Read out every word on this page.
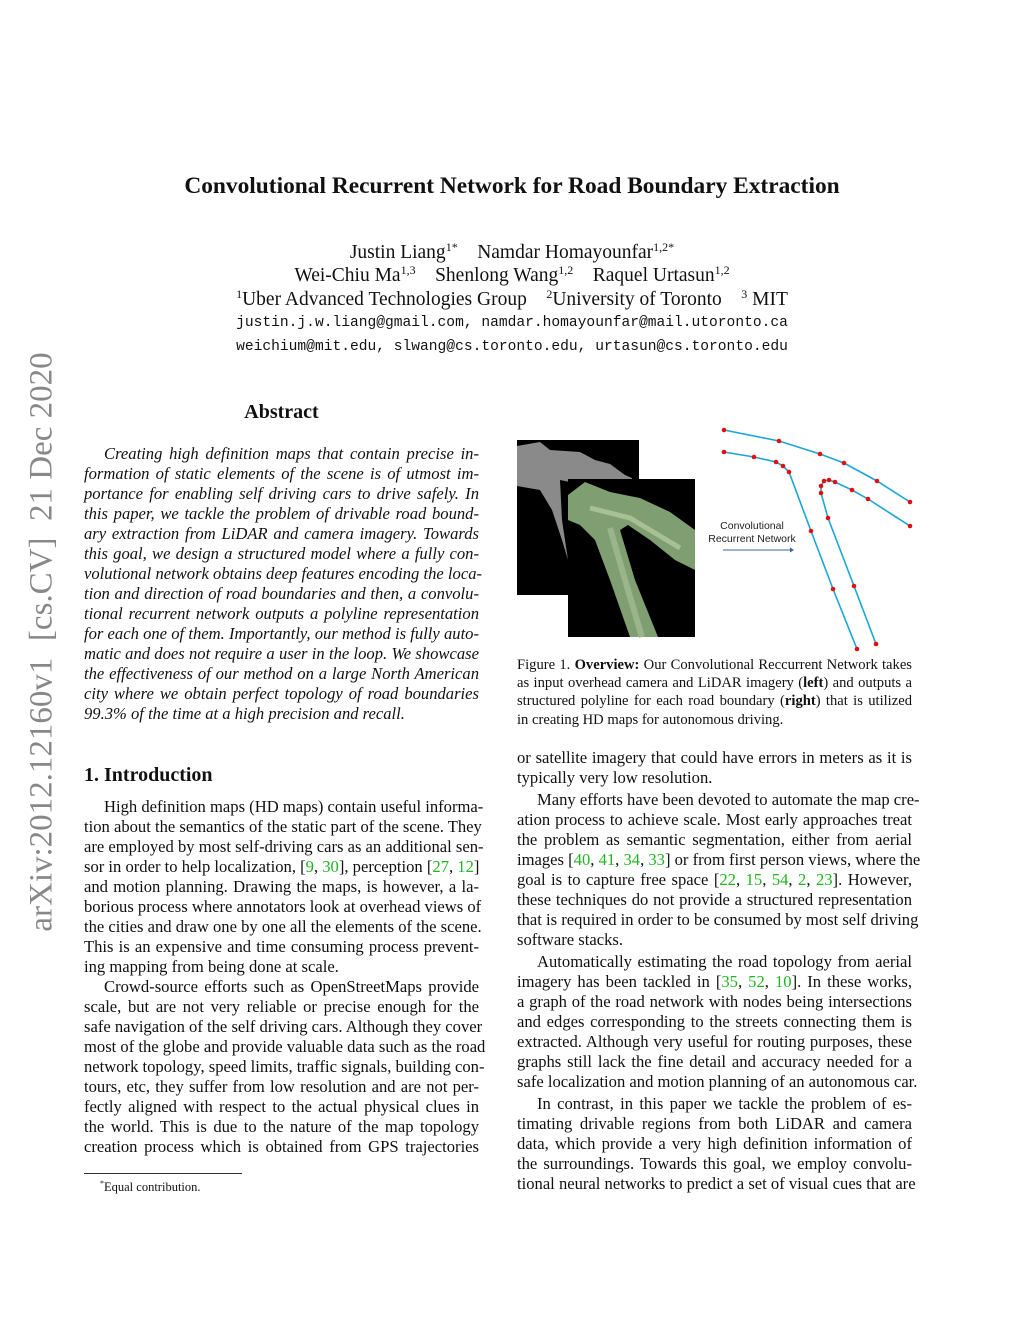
arXiv:2012.12160v1  [cs.CV]  21 Dec 2020
Convolutional Recurrent Network for Road Boundary Extraction
Justin Liang$^{1*}$ Namdar Homayounfar$^{1,2*}$
Wei-Chiu Ma$^{1,3}$ Shenlong Wang$^{1,2}$ Raquel Urtasun$^{1,2}$
$^1$Uber Advanced Technologies Group $^2$University of Toronto $^3$ MIT
justin.j.w.liang@gmail.com, namdar.homayounfar@mail.utoronto.ca
weichium@mit.edu, slwang@cs.toronto.edu, urtasun@cs.toronto.edu
Abstract
Creating high definition maps that contain precise in-
formation of static elements of the scene is of utmost im-
portance for enabling self driving cars to drive safely. In
this paper, we tackle the problem of drivable road bound-
ary extraction from LiDAR and camera imagery. Towards
this goal, we design a structured model where a fully con-
volutional network obtains deep features encoding the loca-
tion and direction of road boundaries and then, a convolu-
tional recurrent network outputs a polyline representation
for each one of them. Importantly, our method is fully auto-
matic and does not require a user in the loop. We showcase
the effectiveness of our method on a large North American
city where we obtain perfect topology of road boundaries
99.3% of the time at a high precision and recall.
1. Introduction
High definition maps (HD maps) contain useful informa-
tion about the semantics of the static part of the scene. They
are employed by most self-driving cars as an additional sen-
sor in order to help localization, [9, 30], perception [27, 12]
and motion planning. Drawing the maps, is however, a la-
borious process where annotators look at overhead views of
the cities and draw one by one all the elements of the scene.
This is an expensive and time consuming process prevent-
ing mapping from being done at scale.
Crowd-source efforts such as OpenStreetMaps provide
scale, but are not very reliable or precise enough for the
safe navigation of the self driving cars. Although they cover
most of the globe and provide valuable data such as the road
network topology, speed limits, traffic signals, building con-
tours, etc, they suffer from low resolution and are not per-
fectly aligned with respect to the actual physical clues in
the world. This is due to the nature of the map topology
creation process which is obtained from GPS trajectories
*Equal contribution.
Convolutional
Recurrent Network
Figure 1. Overview: Our Convolutional Reccurrent Network takes
as input overhead camera and LiDAR imagery (left) and outputs a
structured polyline for each road boundary (right) that is utilized
in creating HD maps for autonomous driving.
or satellite imagery that could have errors in meters as it is
typically very low resolution.
Many efforts have been devoted to automate the map cre-
ation process to achieve scale. Most early approaches treat
the problem as semantic segmentation, either from aerial
images [40, 41, 34, 33] or from first person views, where the
goal is to capture free space [22, 15, 54, 2, 23]. However,
these techniques do not provide a structured representation
that is required in order to be consumed by most self driving
software stacks.
Automatically estimating the road topology from aerial
imagery has been tackled in [35, 52, 10]. In these works,
a graph of the road network with nodes being intersections
and edges corresponding to the streets connecting them is
extracted. Although very useful for routing purposes, these
graphs still lack the fine detail and accuracy needed for a
safe localization and motion planning of an autonomous car.
In contrast, in this paper we tackle the problem of es-
timating drivable regions from both LiDAR and camera
data, which provide a very high definition information of
the surroundings. Towards this goal, we employ convolu-
tional neural networks to predict a set of visual cues that are
